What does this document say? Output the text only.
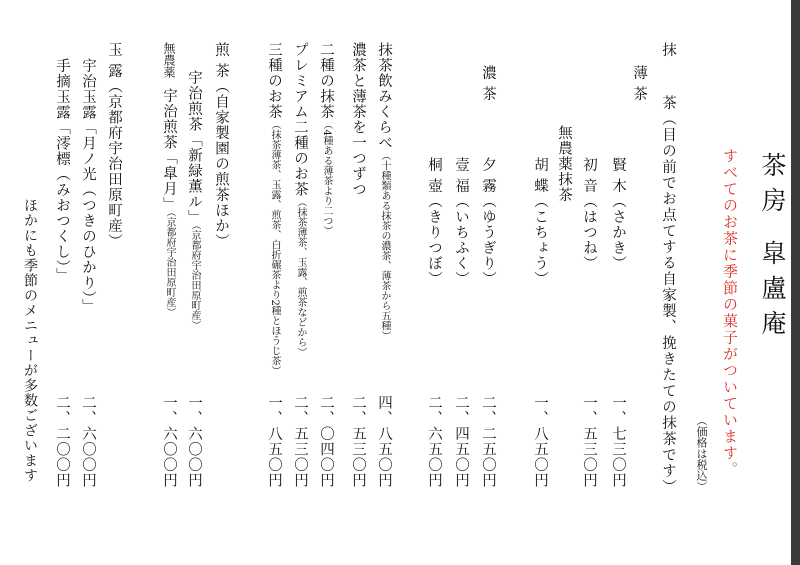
茶房 皐盧庵
すべてのお茶に季節の菓子がついています。
（価格は税込）
抹
茶（目の前でお点てする自家製、挽きたての抹茶です）
薄 茶
賢 木（さかき）
一、七三〇円
初 音（はつね）
一、五三〇円
無農薬抹茶
胡 蝶（こちょう）
一、八五〇円
濃 茶
夕 霧（ゆうぎり）
二、二五〇円
壹 福（いちふく）
二、四五〇円
桐 壺（きりつぼ）
二、六五〇円
抹茶飲みくらべ（十種類ある抹茶の濃茶、薄茶から五種）
四、八五〇円
濃茶と薄茶を一つずつ
二、五三〇円
二種の抹茶（4種ある薄茶より二つ）
二、〇四〇円
プレミアム二種のお茶（抹茶薄茶、玉露、煎茶などから）
二、五三〇円
三種のお茶（抹茶薄茶、玉露、煎茶、白折碾茶より2種とほうじ茶）
一、八五〇円
煎 茶（自家製園の煎茶ほか）
宇治煎茶「新緑薫ル」（京都府宇治田原町産）
一、六〇〇円
無農薬
宇治煎茶「皐月」（京都府宇治田原町産）
一、六〇〇円
玉 露（京都府宇治田原町産）
宇治玉露「月ノ光（つきのひかり）」
二、六〇〇円
手摘玉露「澪標（みおつくし）」
二、二〇〇円
ほかにも季節のメニューが多数ございます
